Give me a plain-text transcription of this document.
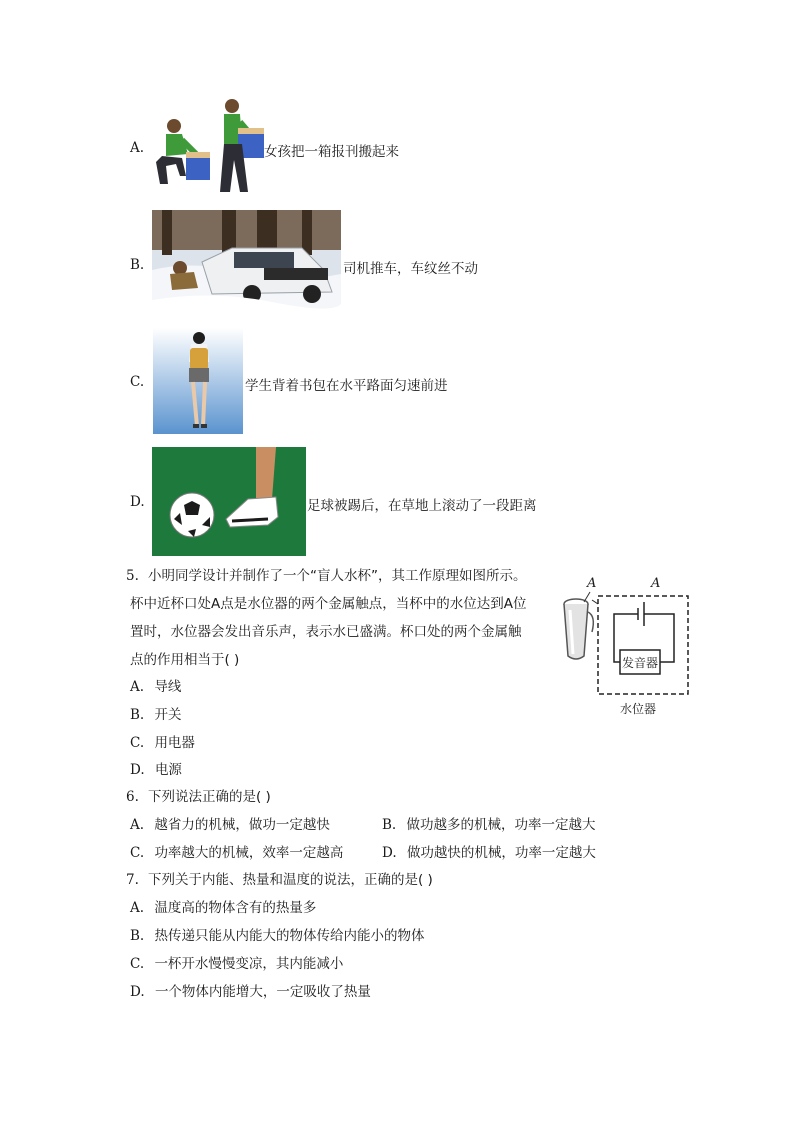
A.	女孩把一箱报刊搬起来
B.	司机推车，车纹丝不动
C.	学生背着书包在水平路面匀速前进
D.	足球被踢后，在草地上滚动了一段距离
5. 小明同学设计并制作了一个“盲人水杯”，其工作原理如图所示。
杯中近杯口处A点是水位器的两个金属触点，当杯中的水位达到A位
置时，水位器会发出音乐声，表示水已盛满。杯口处的两个金属触
点的作用相当于( )
A. 导线
B. 开关
C. 用电器
D. 电源
A	A
发音器
水位器
6. 下列说法正确的是( )
A. 越省力的机械，做功一定越快	B. 做功越多的机械，功率一定越大
C. 功率越大的机械，效率一定越高	D. 做功越快的机械，功率一定越大
7. 下列关于内能、热量和温度的说法，正确的是( )
A. 温度高的物体含有的热量多
B. 热传递只能从内能大的物体传给内能小的物体
C. 一杯开水慢慢变凉，其内能减小
D. 一个物体内能增大，一定吸收了热量
